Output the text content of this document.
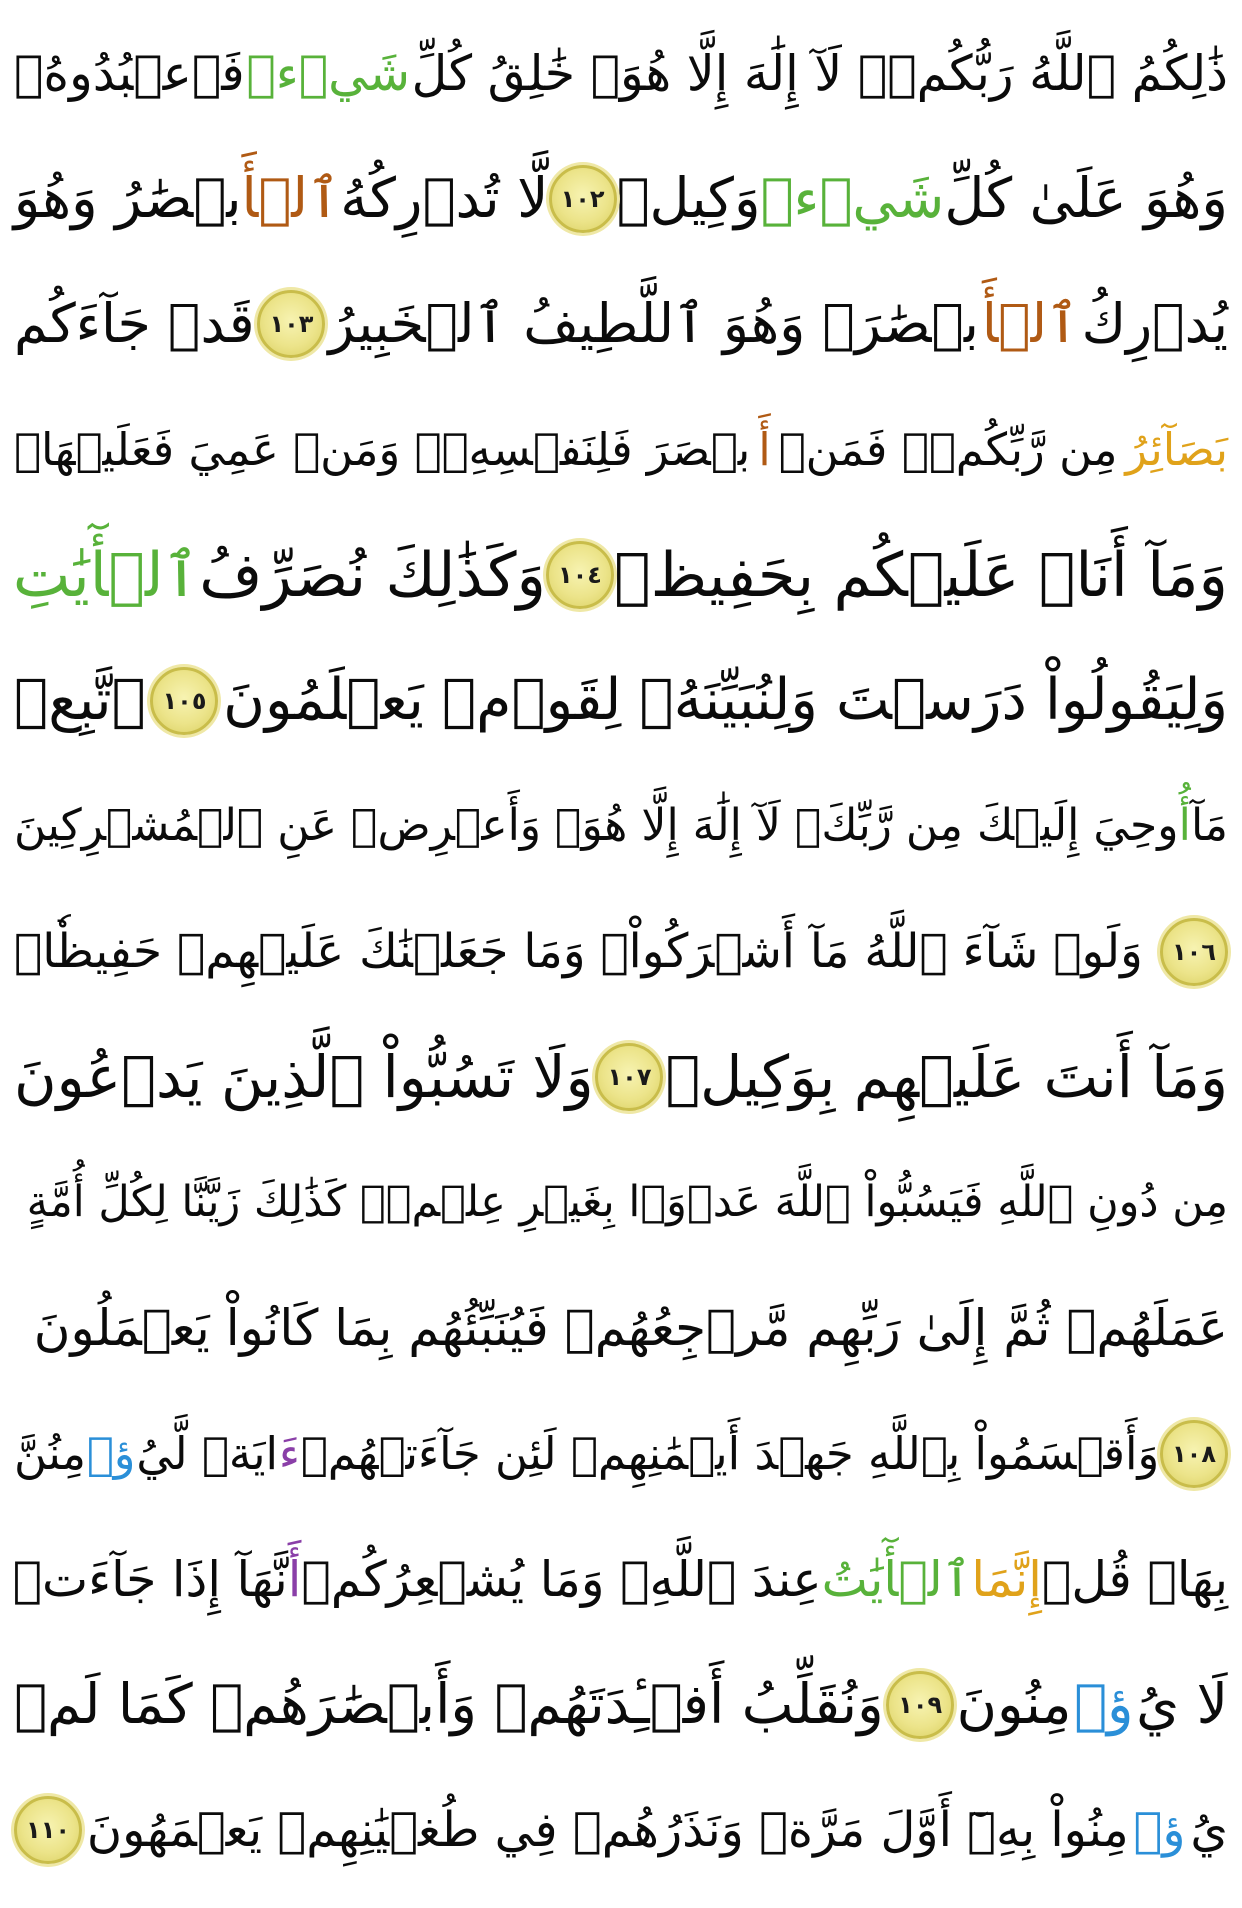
ذَٰلِكُمُ ٱللَّهُ رَبُّكُمۡۖ لَآ إِلَٰهَ إِلَّا هُوَۖ خَٰلِقُ كُلِّ
شَيۡءٖ
فَٱعۡبُدُوهُۚ
وَهُوَ عَلَىٰ كُلِّ
شَيۡءٖ
وَكِيلٞ
١٠٢
لَّا تُدۡرِكُهُ
ٱلۡأَ
بۡصَٰرُ وَهُوَ
يُدۡرِكُ
ٱلۡأَ
بۡصَٰرَۖ وَهُوَ ٱللَّطِيفُ ٱلۡخَبِيرُ
١٠٣
قَدۡ جَآءَكُم
بَصَآئِرُ
مِن رَّبِّكُمۡۖ فَمَنۡ
أَ
بۡصَرَ فَلِنَفۡسِهِۦۖ وَمَنۡ عَمِيَ فَعَلَيۡهَاۚ
وَمَآ أَنَا۠ عَلَيۡكُم بِحَفِيظٖ
١٠٤
وَكَذَٰلِكَ نُصَرِّفُ
ٱلۡأٓيَٰتِ
وَلِيَقُولُواْ دَرَسۡتَ وَلِنُبَيِّنَهُۥ لِقَوۡمٖ يَعۡلَمُونَ
١٠٥
ٱتَّبِعۡ
مَآ
أُ
وحِيَ إِلَيۡكَ مِن رَّبِّكَۖ لَآ إِلَٰهَ إِلَّا هُوَۖ وَأَعۡرِضۡ عَنِ ٱلۡمُشۡرِكِينَ
١٠٦
وَلَوۡ شَآءَ ٱللَّهُ مَآ أَشۡرَكُواْۗ وَمَا جَعَلۡنَٰكَ عَلَيۡهِمۡ حَفِيظٗاۖ
وَمَآ أَنتَ عَلَيۡهِم بِوَكِيلٖ
١٠٧
وَلَا تَسُبُّواْ ٱلَّذِينَ يَدۡعُونَ
مِن دُونِ ٱللَّهِ فَيَسُبُّواْ ٱللَّهَ عَدۡوَۢا بِغَيۡرِ عِلۡمٖۗ كَذَٰلِكَ زَيَّنَّا لِكُلِّ أُمَّةٍ
عَمَلَهُمۡ ثُمَّ إِلَىٰ رَبِّهِم مَّرۡجِعُهُمۡ فَيُنَبِّئُهُم بِمَا كَانُواْ يَعۡمَلُونَ
١٠٨
وَأَقۡسَمُواْ بِٱللَّهِ جَهۡدَ أَيۡمَٰنِهِمۡ لَئِن جَآءَتۡهُمۡ
ءَ
ايَةٞ لَّيُ
ؤۡ
مِنُنَّ
بِهَاۚ قُلۡ
إِنَّمَا
ٱلۡأٓيَٰتُ
عِندَ ٱللَّهِۖ وَمَا يُشۡعِرُكُمۡ
أَ
نَّهَآ إِذَا جَآءَتۡ
لَا يُ
ؤۡ
مِنُونَ
١٠٩
وَنُقَلِّبُ أَفۡـِٔدَتَهُمۡ وَأَبۡصَٰرَهُمۡ كَمَا لَمۡ
يُ
ؤۡ
مِنُواْ بِهِۦٓ أَوَّلَ مَرَّةٖ وَنَذَرُهُمۡ فِي طُغۡيَٰنِهِمۡ يَعۡمَهُونَ
١١٠
